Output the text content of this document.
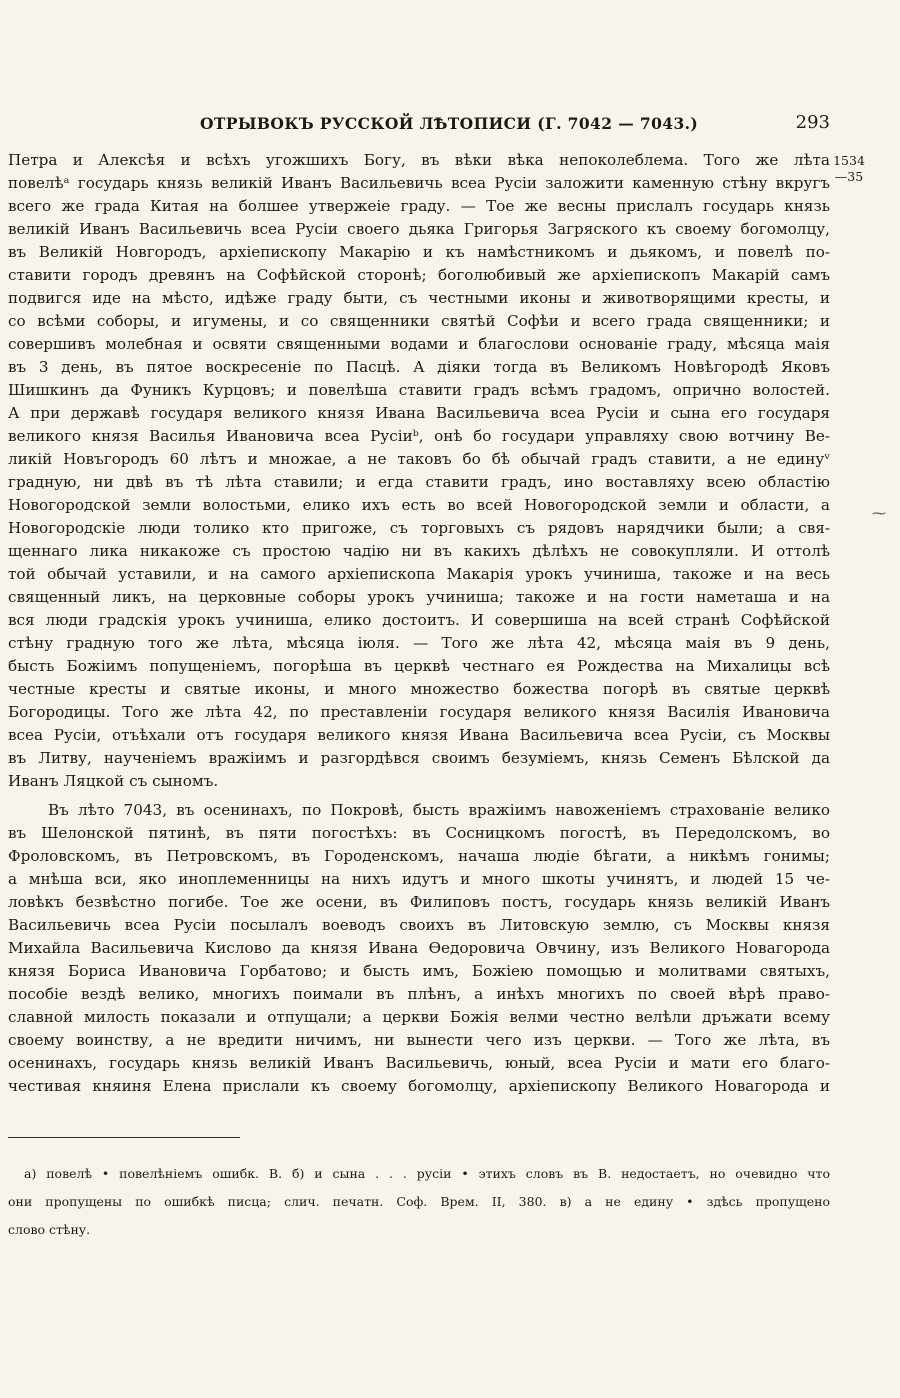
ОТРЫВОКЪ РУССКОЙ ЛѢТОПИСИ (Г. 7042 — 7043.)	293
1534
—35
⁓
Петра и Алексѣя и всѣхъ угожшихъ Богу, въ вѣки вѣка непоколеблема. Того же лѣта
повелѣᵃ государь князь великій Иванъ Васильевичь всеа Русіи заложити каменную стѣну вкругъ
всего же града Китая на болшее утвержеіе граду. — Тое же весны прислалъ государь князь
великій Иванъ Васильевичь всеа Русіи своего дьяка Григорья Загряского къ своему богомолцу,
въ Великій Новгородъ, архіепископу Макарію и къ намѣстникомъ и дьякомъ, и повелѣ по-
ставити городъ древянъ на Софѣйской сторонѣ; боголюбивый же архіепископъ Макарій самъ
подвигся иде на мѣсто, идѣже граду быти, съ честными иконы и животворящими кресты, и
со всѣми соборы, и игумены, и со священники святѣй Софѣи и всего града священники; и
совершивъ молебная и освяти священными водами и благослови основаніе граду, мѣсяца маія
въ 3 день, въ пятое воскресеніе по Пасцѣ. А діяки тогда въ Великомъ Новѣгородѣ Яковъ
Шишкинъ да Фуникъ Курцовъ; и повелѣша ставити градъ всѣмъ градомъ, опрично волостей.
А при державѣ государя великого князя Ивана Васильевича всеа Русіи и сына его государя
великого князя Василья Ивановича всеа Русіиᵇ, онѣ бо государи управляху свою вотчину Ве-
ликій Новъгородъ 60 лѣтъ и множае, а не таковъ бо бѣ обычай градъ ставити, а не единуᵛ
градную, ни двѣ въ тѣ лѣта ставили; и егда ставити градъ, ино воставляху всею областію
Новогородской земли волостьми, елико ихъ есть во всей Новогородской земли и области, а
Новогородскіе люди толико кто пригоже, съ торговыхъ съ рядовъ нарядчики были; а свя-
щеннаго лика никакоже съ простою чадію ни въ какихъ дѣлѣхъ не совокупляли. И оттолѣ
той обычай уставили, и на самого архіепископа Макарія урокъ учиниша, такоже и на весь
священный ликъ, на церковные соборы урокъ учиниша; такоже и на гости наметаша и на
вся люди градскія урокъ учиниша, елико достоитъ. И совершиша на всей странѣ Софѣйской
стѣну градную того же лѣта, мѣсяца іюля. — Того же лѣта 42, мѣсяца маія въ 9 день,
бысть Божіимъ попущеніемъ, погорѣша въ церквѣ честнаго ея Рождества на Михалицы всѣ
честные кресты и святые иконы, и много множество божества погорѣ въ святые церквѣ
Богородицы. Того же лѣта 42, по преставленіи государя великого князя Василія Ивановича
всеа Русіи, отъѣхали отъ государя великого князя Ивана Васильевича всеа Русіи, съ Москвы
въ Литву, наученіемъ вражіимъ и разгордѣвся своимъ безуміемъ, князь Семенъ Бѣлской да
Иванъ Ляцкой съ сыномъ.
Въ лѣто 7043, въ осенинахъ, по Покровѣ, бысть вражіимъ навоженіемъ страхованіе велико
въ Шелонской пятинѣ, въ пяти погостѣхъ: въ Сосницкомъ погостѣ, въ Передолскомъ, во
Фроловскомъ, въ Петровскомъ, въ Городенскомъ, начаша людіе бѣгати, а никѣмъ гонимы;
а мнѣша вси, яко иноплеменницы на нихъ идутъ и много шкоты учинятъ, и людей 15 че-
ловѣкъ безвѣстно погибе. Тое же осени, въ Филиповъ постъ, государь князь великій Иванъ
Васильевичь всеа Русіи посылалъ воеводъ своихъ въ Литовскую землю, съ Москвы князя
Михайла Васильевича Кислово да князя Ивана Ѳедоровича Овчину, изъ Великого Новагорода
князя Бориса Ивановича Горбатово; и бысть имъ, Божіею помощью и молитвами святыхъ,
пособіе вездѣ велико, многихъ поимали въ плѣнъ, а инѣхъ многихъ по своей вѣрѣ право-
славной милость показали и отпущали; а церкви Божія велми честно велѣли дръжати всему
своему воинству, а не вредити ничимъ, ни вынести чего изъ церкви. — Того же лѣта, въ
осенинахъ, государь князь великій Иванъ Васильевичь, юный, всеа Русіи и мати его благо-
честивая княиня Елена прислали къ своему богомолцу, архіепископу Великого Новагорода и
а) повелѣ • повелѣніемъ ошибк. В. б) и сына . . . русіи • этихъ словъ въ В. недостаетъ, но очевидно что
они пропущены по ошибкѣ писца; слич. печатн. Соф. Врем. II, 380. в) а не едину • здѣсь пропущено
слово стѣну.
